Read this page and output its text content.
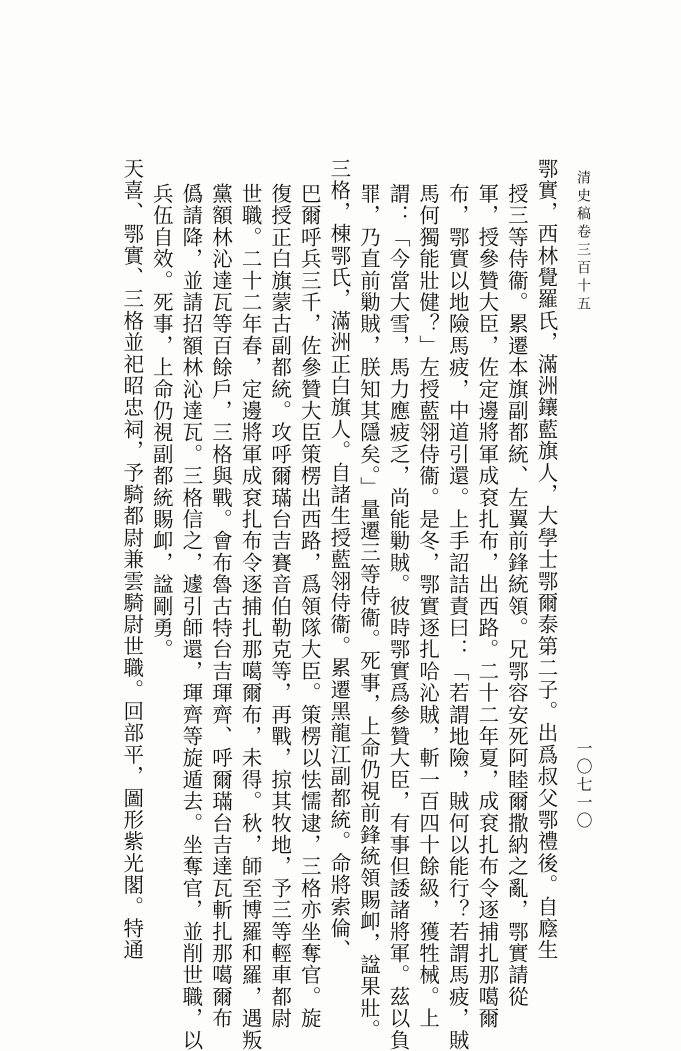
清史稿卷三百十五
鄂實，西林覺羅氏，滿洲鑲藍旗人，大學士鄂爾泰第二子。出爲叔父鄂禮後。自廕生
授三等侍衞。累遷本旗副都統、左翼前鋒統領。兄鄂容安死阿睦爾撒納之亂，鄂實請從
軍，授參贊大臣，佐定邊將軍成袞扎布，出西路。二十二年夏，成袞扎布令逐捕扎那噶爾
布，鄂實以地險馬疲，中道引還。上手詔詰責曰：「若謂地險，賊何以能行？若謂馬疲，賊
馬何獨能壯健？」左授藍翎侍衞。是冬，鄂實逐扎哈沁賊，斬一百四十餘級，獲牲械。上
謂：「今當大雪，馬力應疲乏，尚能勦賊。彼時鄂實爲參贊大臣，有事但諉諸將軍。茲以負
罪，乃直前勦賊，朕知其隱矣。」量遷三等侍衞。死事，上命仍視前鋒統領賜卹，諡果壯。
三格，棟鄂氏，滿洲正白旗人。自諸生授藍翎侍衞。累遷黑龍江副都統。命將索倫、
巴爾呼兵三千，佐參贊大臣策楞出西路，爲領隊大臣。策楞以怯懦逮，三格亦坐奪官。旋
復授正白旗蒙古副都統。攻呼爾璊台吉賽音伯勒克等，再戰，掠其牧地，予三等輕車都尉
世職。二十二年春，定邊將軍成袞扎布令逐捕扎那噶爾布，未得。秋，師至博羅和羅，遇叛
黨額林沁達瓦等百餘戶，三格與戰。會布魯古特台吉琿齊、呼爾璊台吉達瓦斬扎那噶爾布
僞請降，並請招額林沁達瓦。三格信之，遽引師還，琿齊等旋遁去。坐奪官，並削世職，以
兵伍自效。死事，上命仍視副都統賜卹，諡剛勇。
天喜、鄂實、三格並祀昭忠祠，予騎都尉兼雲騎尉世職。回部平，圖形紫光閣。特通	一〇七一〇
